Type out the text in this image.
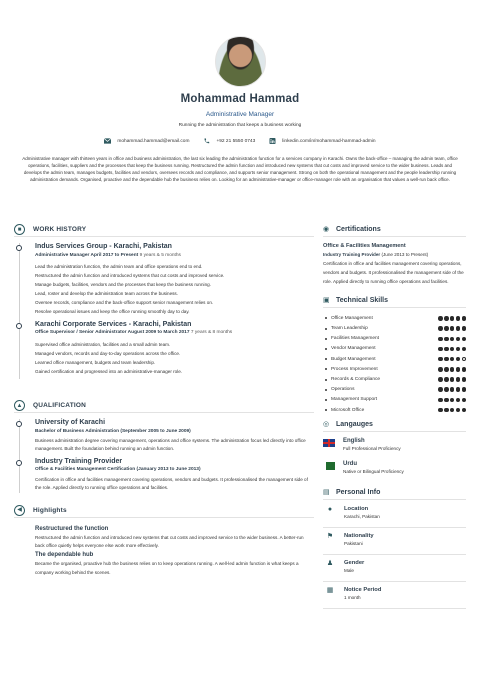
Mohammad Hammad
Administrative Manager
Running the administration that keeps a business working
mohammad.hammad@email.com	+92 21 5550 0743	linkedin.com/in/mohammad-hammad-admin
Administrative manager with thirteen years in office and business administration, the last six leading the administration function for a services company in Karachi. Owns the back-office – managing the admin team, office operations, facilities, suppliers and the processes that keep the business running. Restructured the admin function and introduced new systems that cut costs and improved service to the wider business. Leads and develops the admin team, manages budgets, facilities and vendors, oversees records and compliance, and supports senior management. Strong on both the operational management and the people leadership running administration demands. Organised, proactive and the dependable hub the business relies on. Looking for an administrative-manager or office-manager role with an organisation that values a well-run back office.
■	WORK HISTORY
Indus Services Group - Karachi, Pakistan
Administrative Manager April 2017 to Present 9 years & 5 months
Lead the administration function, the admin team and office operations end to end.
Restructured the admin function and introduced systems that cut costs and improved service.
Manage budgets, facilities, vendors and the processes that keep the business running.
Lead, roster and develop the administration team across the business.
Oversee records, compliance and the back-office support senior management relies on.
Resolve operational issues and keep the office running smoothly day to day.
Karachi Corporate Services - Karachi, Pakistan
Office Supervisor / Senior Administrator August 2009 to March 2017 7 years & 8 months
Supervised office administration, facilities and a small admin team.
Managed vendors, records and day-to-day operations across the office.
Learned office management, budgets and team leadership.
Gained certification and progressed into an administrative-manager role.
▲	QUALIFICATION
University of Karachi
Bachelor of Business Administration (September 2005 to June 2009)
Business administration degree covering management, operations and office systems. The administration focus led directly into office management. Built the foundation behind running an admin function.
Industry Training Provider
Office & Facilities Management Certification (January 2013 to June 2013)
Certification in office and facilities management covering operations, vendors and budgets. It professionalised the management side of the role. Applied directly to running office operations and facilities.
◀	Highlights
Restructured the function
Restructured the admin function and introduced new systems that cut costs and improved service to the wider business. A better-run back office quietly helps everyone else work more effectively.
The dependable hub
Became the organised, proactive hub the business relies on to keep operations running. A well-led admin function is what keeps a company working behind the scenes.
◉ Certifications
Office & Facilities Management
Industry Training Provider (June 2013 to Present)
Certification in office and facilities management covering operations, vendors and budgets. It professionalised the management side of the role. Applied directly to running office operations and facilities.
▣ Technical Skills
Office Management
Team Leadership
Facilities Management
Vendor Management
Budget Management
Process Improvement
Records & Compliance
Operations
Management Support
Microsoft Office
◎ Langauges
English
Full Professional Proficiency
Urdu
Native or Bilingual Proficiency
▤ Personal Info
●	Location
Karachi, Pakistan
⚑ Nationality
Pakistani
♟ Gender
Male
▦ Notice Period
1 month
